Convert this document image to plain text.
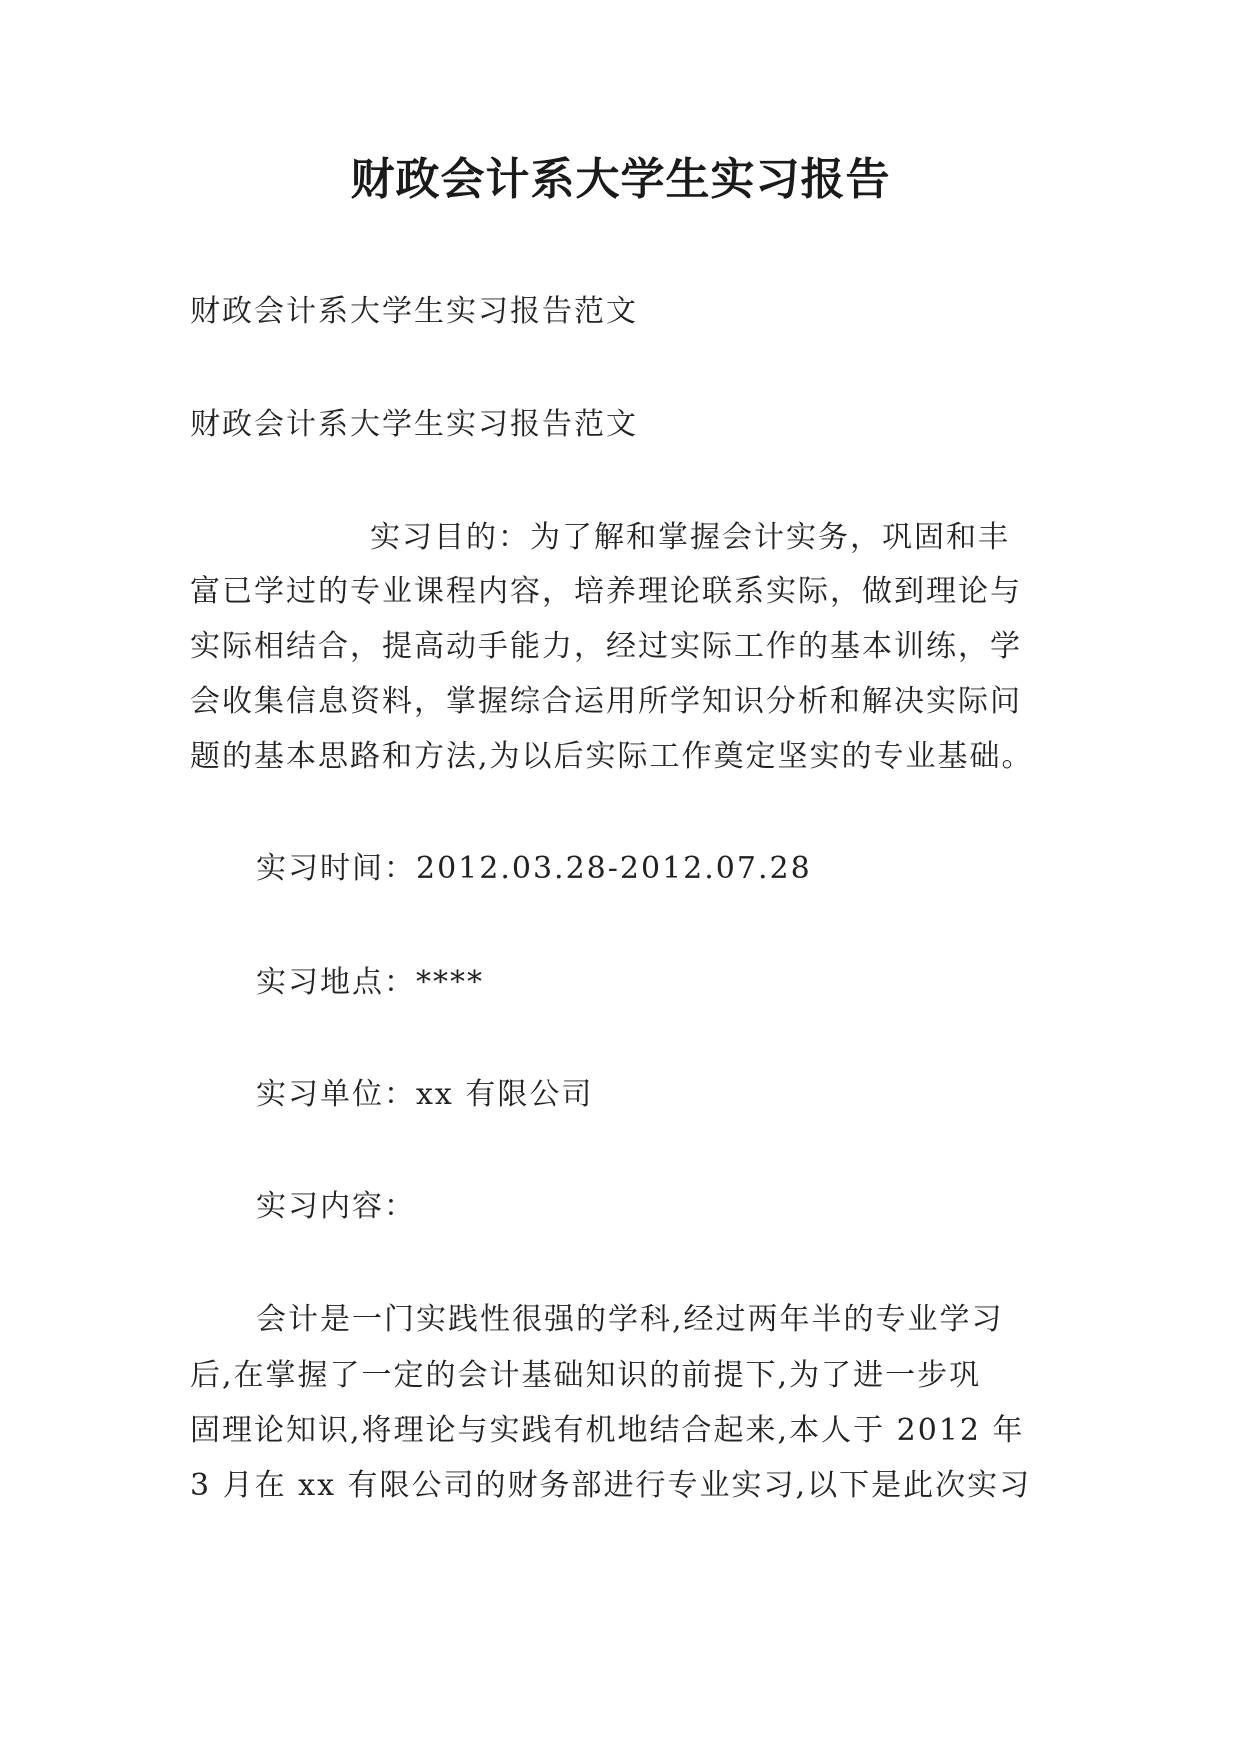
财政会计系大学生实习报告
财政会计系大学生实习报告范文
财政会计系大学生实习报告范文
实习目的：为了解和掌握会计实务，巩固和丰
富已学过的专业课程内容，培养理论联系实际，做到理论与
实际相结合，提高动手能力，经过实际工作的基本训练，学
会收集信息资料，掌握综合运用所学知识分析和解决实际问
题的基本思路和方法,为以后实际工作奠定坚实的专业基础。
实习时间：2012.03.28-2012.07.28
实习地点：****
实习单位：xx 有限公司
实习内容：
会计是一门实践性很强的学科,经过两年半的专业学习
后,在掌握了一定的会计基础知识的前提下,为了进一步巩
固理论知识,将理论与实践有机地结合起来,本人于 2012 年
3 月在 xx 有限公司的财务部进行专业实习,以下是此次实习
